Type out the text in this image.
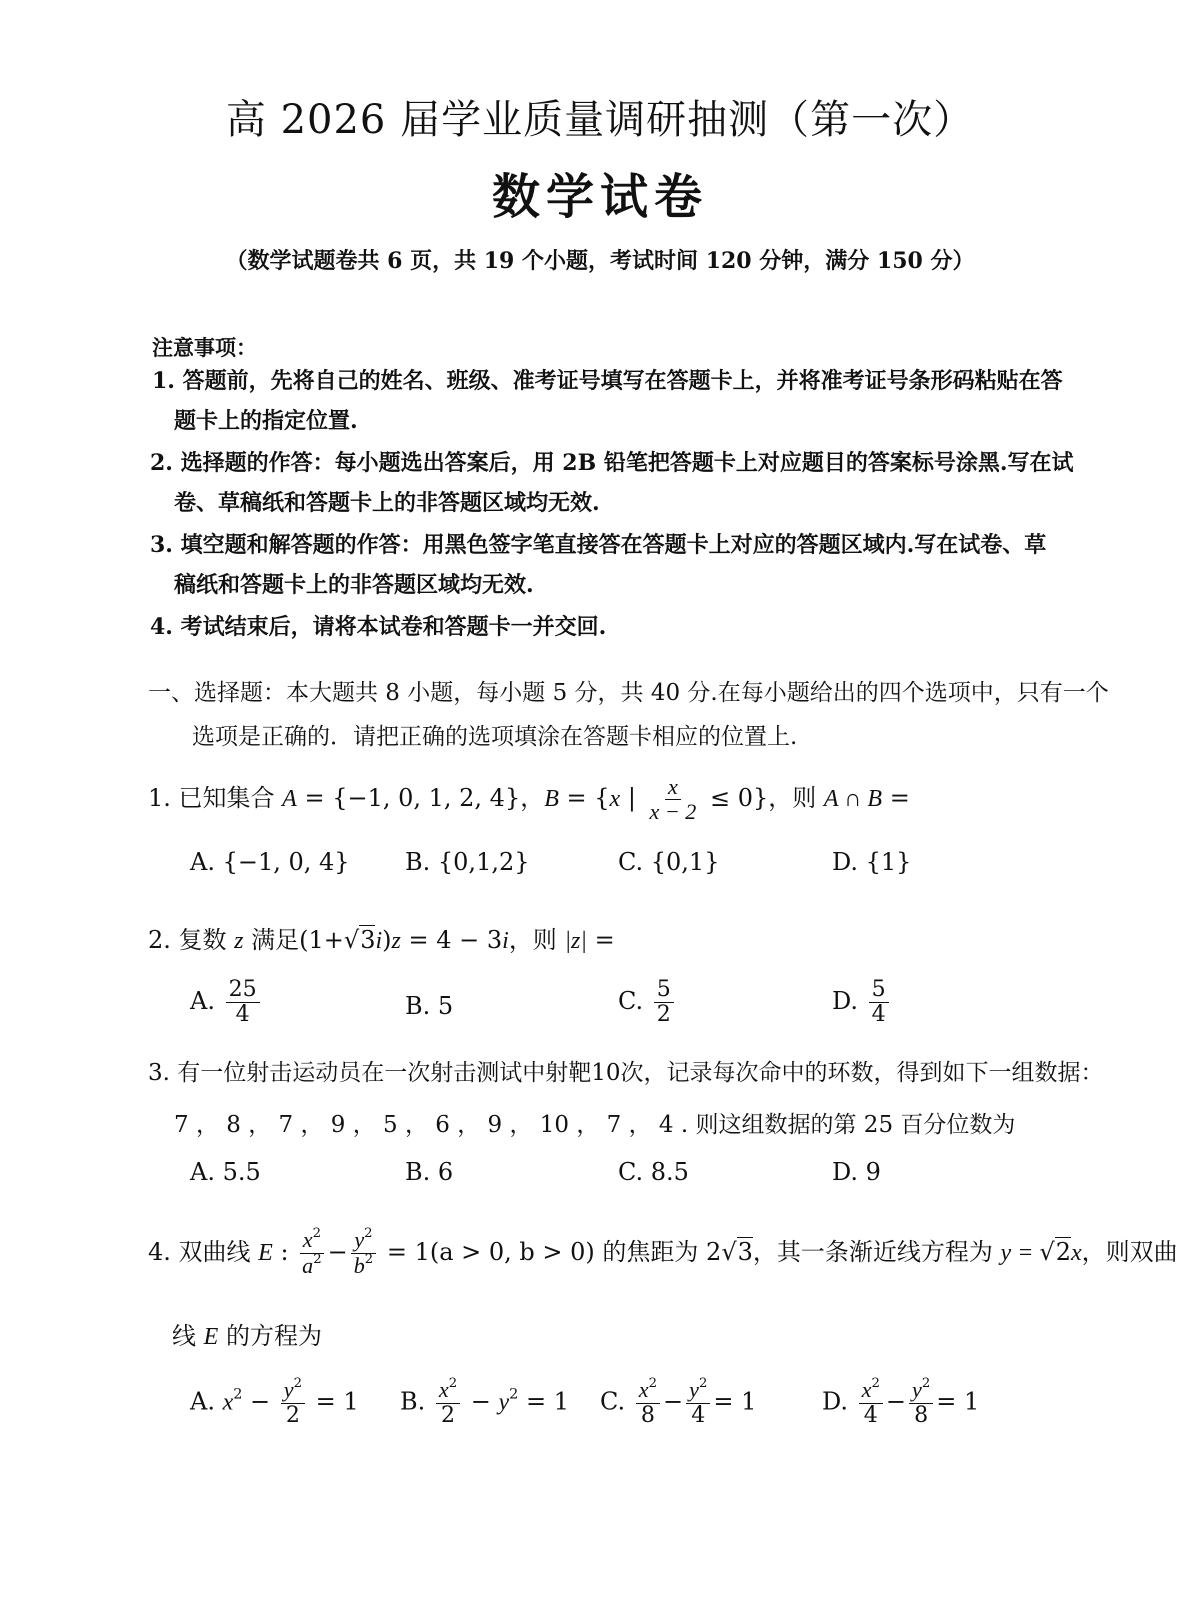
高 2026 届学业质量调研抽测（第一次）
数学试卷
（数学试题卷共 6 页，共 19 个小题，考试时间 120 分钟，满分 150 分）
注意事项：
1. 答题前，先将自己的姓名、班级、准考证号填写在答题卡上，并将准考证号条形码粘贴在答
题卡上的指定位置.
2. 选择题的作答：每小题选出答案后，用 2B 铅笔把答题卡上对应题目的答案标号涂黑.写在试
卷、草稿纸和答题卡上的非答题区域均无效.
3. 填空题和解答题的作答：用黑色签字笔直接答在答题卡上对应的答题区域内.写在试卷、草
稿纸和答题卡上的非答题区域均无效.
4. 考试结束后，请将本试卷和答题卡一并交回.
一、选择题：本大题共 8 小题，每小题 5 分，共 40 分.在每小题给出的四个选项中，只有一个
选项是正确的．请把正确的选项填涂在答题卡相应的位置上.
1. 已知集合 A = {−1, 0, 1, 2, 4}，B = {x | $\frac{x}{x - 2} \le 0$}，则 A ∩ B =
A. {−1, 0, 4} B. {0,1,2}	C. {0,1}	D. {1}
2. 复数 z 满足(1+√3i)z = 4 − 3i，则 |z| =
A. $\frac{25}{4}$	B. 5	C. $\frac{5}{2}$	D. $\frac{5}{4}$
3. 有一位射击运动员在一次射击测试中射靶10次，记录每次命中的环数，得到如下一组数据：
7 ， 8 ， 7 ， 9 ， 5 ， 6 ， 9 ， 10 ， 7 ， 4 . 则这组数据的第 25 百分位数为
A. 5.5	B. 6	C. 8.5	D. 9
4. 双曲线 E : $\frac{x^2}{a^2} - \frac{y^2}{b^2} = 1(a > 0$, b > 0) 的焦距为 2√3，其一条渐近线方程为 y = √2x，则双曲
线 E 的方程为
A. $x^2 - \frac{y^2}{2} = 1$ B. $\frac{x^2}{2} - y^2 = 1$ C. $\frac{x^2}{8} - \frac{y^2}{4} = 1$	D. $\frac{x^2}{4} - \frac{y^2}{8} = 1$
